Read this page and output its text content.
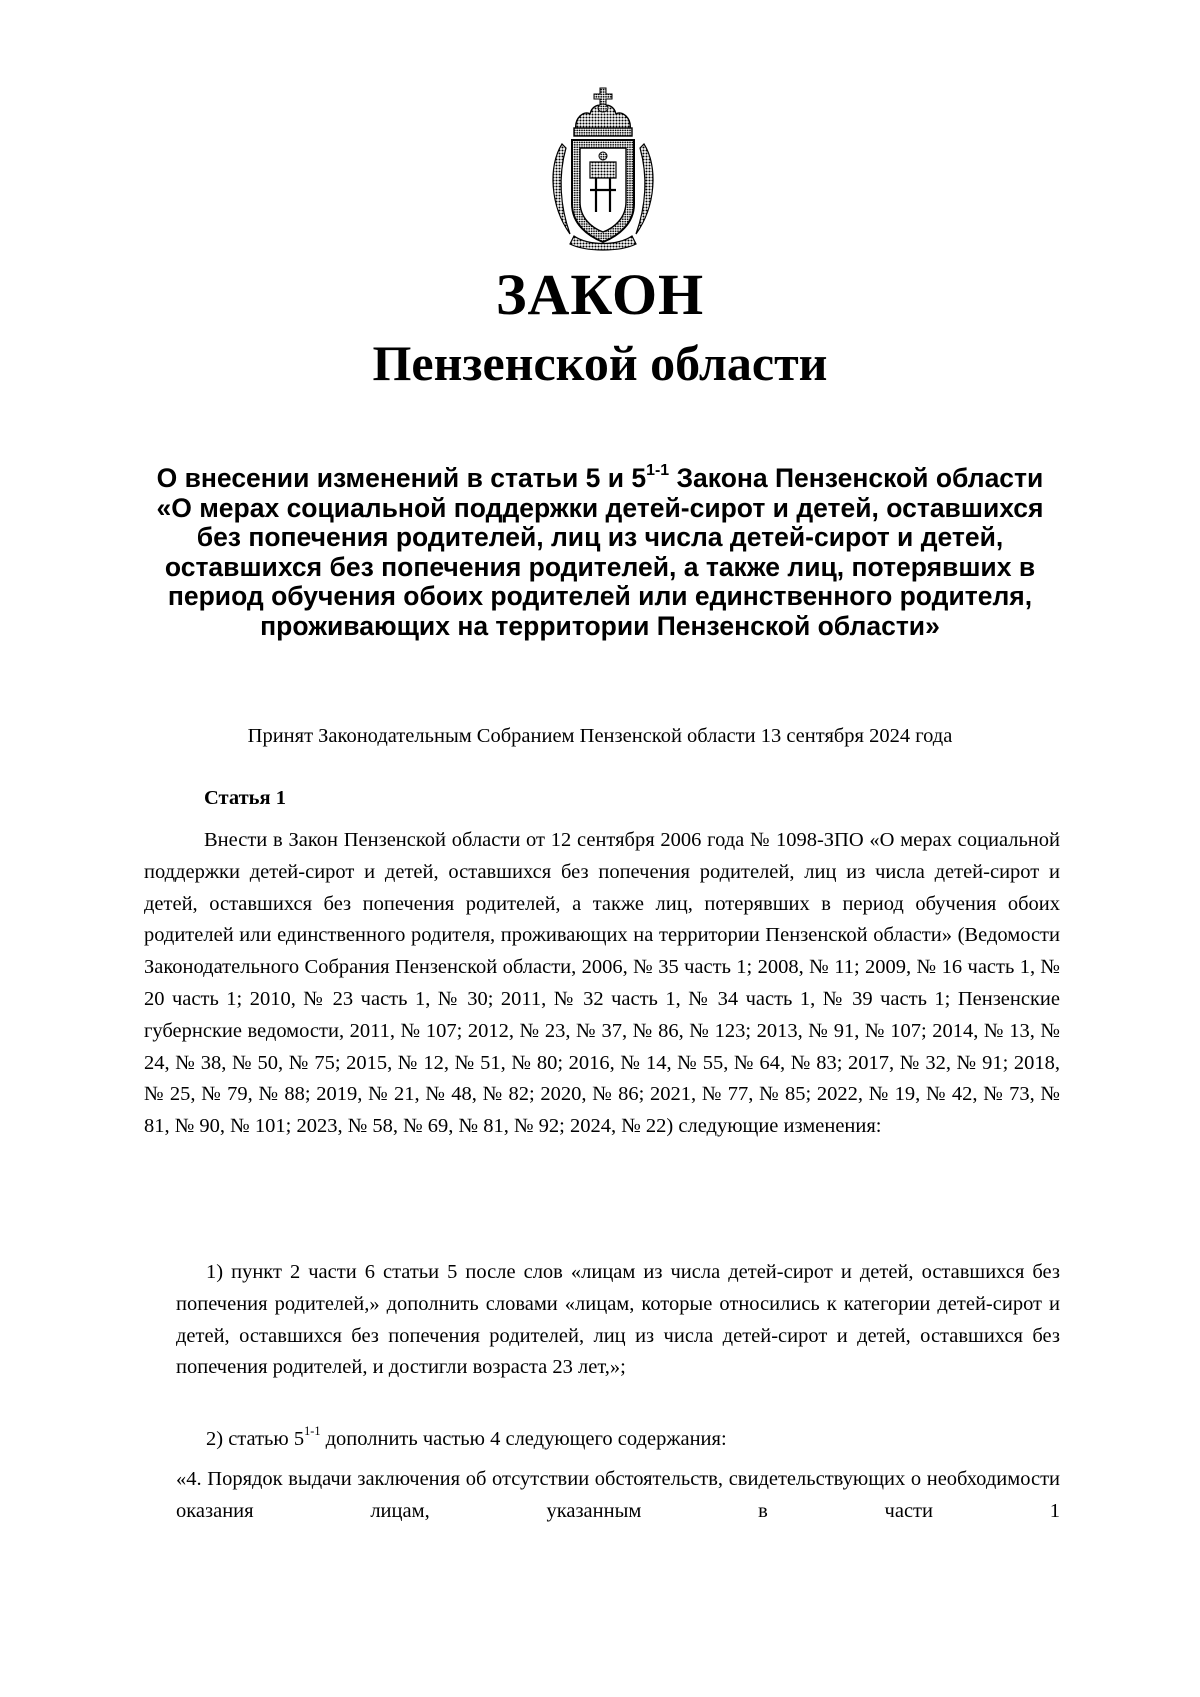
ЗАКОН
Пензенской области

О внесении изменений в статьи 5 и 5$^{1-1}$ Закона Пензенской области «О мерах социальной поддержки детей-сирот и детей, оставшихся без попечения родителей, лиц из числа детей-сирот и детей, оставшихся без попечения родителей, а также лиц, потерявших в период обучения обоих родителей или единственного родителя, проживающих на территории Пензенской области»

Принят Законодательным Собранием Пензенской области 13 сентября 2024 года
Статья 1

Внести в Закон Пензенской области от 12 сентября 2006 года № 1098-ЗПО «О мерах социальной поддержки детей-сирот и детей, оставшихся без попечения родителей, лиц из числа детей-сирот и детей, оставшихся без попечения родителей, а также лиц, потерявших в период обучения обоих родителей или единственного родителя, проживающих на территории Пензенской области» (Ведомости Законодательного Собрания Пензенской области, 2006, № 35 часть 1; 2008, № 11; 2009, № 16 часть 1, № 20 часть 1; 2010, № 23 часть 1, № 30; 2011, № 32 часть 1, № 34 часть 1, № 39 часть 1; Пензенские губернские ведомости, 2011, № 107; 2012, № 23, № 37, № 86, № 123; 2013, № 91, № 107; 2014, № 13, № 24, № 38, № 50, № 75; 2015, № 12, № 51, № 80; 2016, № 14, № 55, № 64, № 83; 2017, № 32, № 91; 2018, № 25, № 79, № 88; 2019, № 21, № 48, № 82; 2020, № 86; 2021, № 77, № 85; 2022, № 19, № 42, № 73, № 81, № 90, № 101; 2023, № 58, № 69, № 81, № 92; 2024, № 22) следующие изменения:

1) пункт 2 части 6 статьи 5 после слов «лицам из числа детей-сирот и детей, оставшихся без попечения родителей,» дополнить словами «лицам, которые относились к категории детей-сирот и детей, оставшихся без попечения родителей, лиц из числа детей-сирот и детей, оставшихся без попечения родителей, и достигли возраста 23 лет,»;

2) статью 5$^{1-1}$ дополнить частью 4 следующего содержания:

«4. Порядок выдачи заключения об отсутствии обстоятельств, свидетельствующих о необходимости оказания лицам, указанным в части 1
